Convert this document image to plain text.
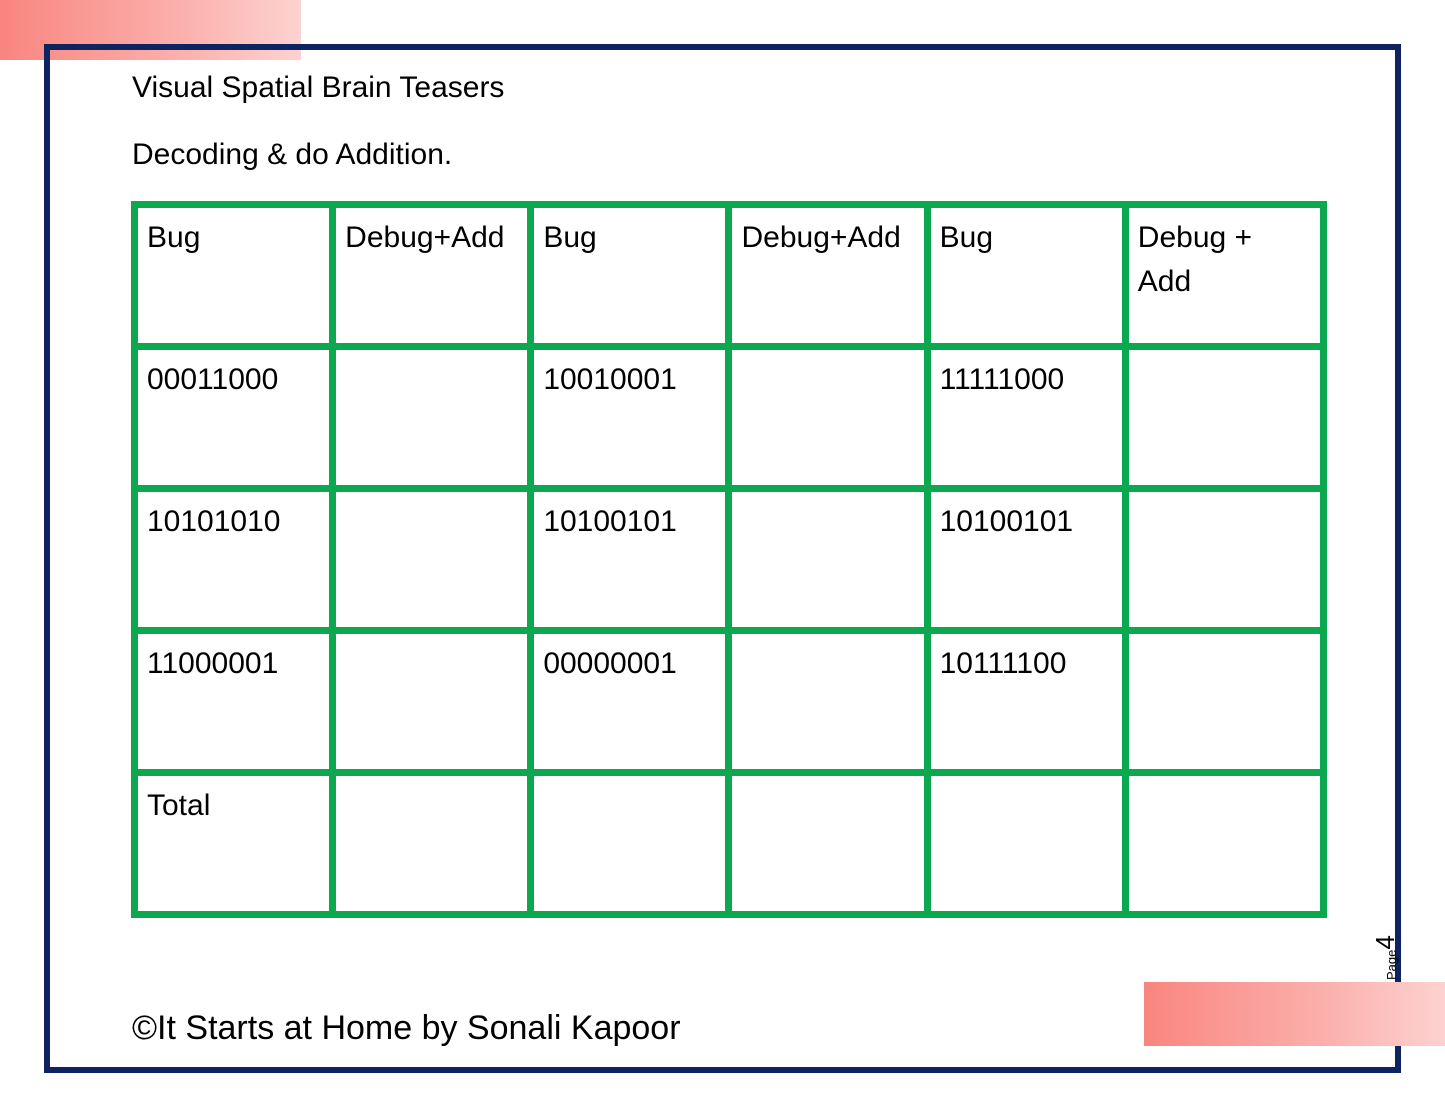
Visual Spatial Brain Teasers
Decoding & do Addition.
Bug	Debug+Add	Bug	Debug+Add	Bug	Debug + Add
00011000		10010001		11111000	
10101010		10100101		10100101	
11000001		00000001		10111100	
Total					
Page4
©It Starts at Home by Sonali Kapoor
